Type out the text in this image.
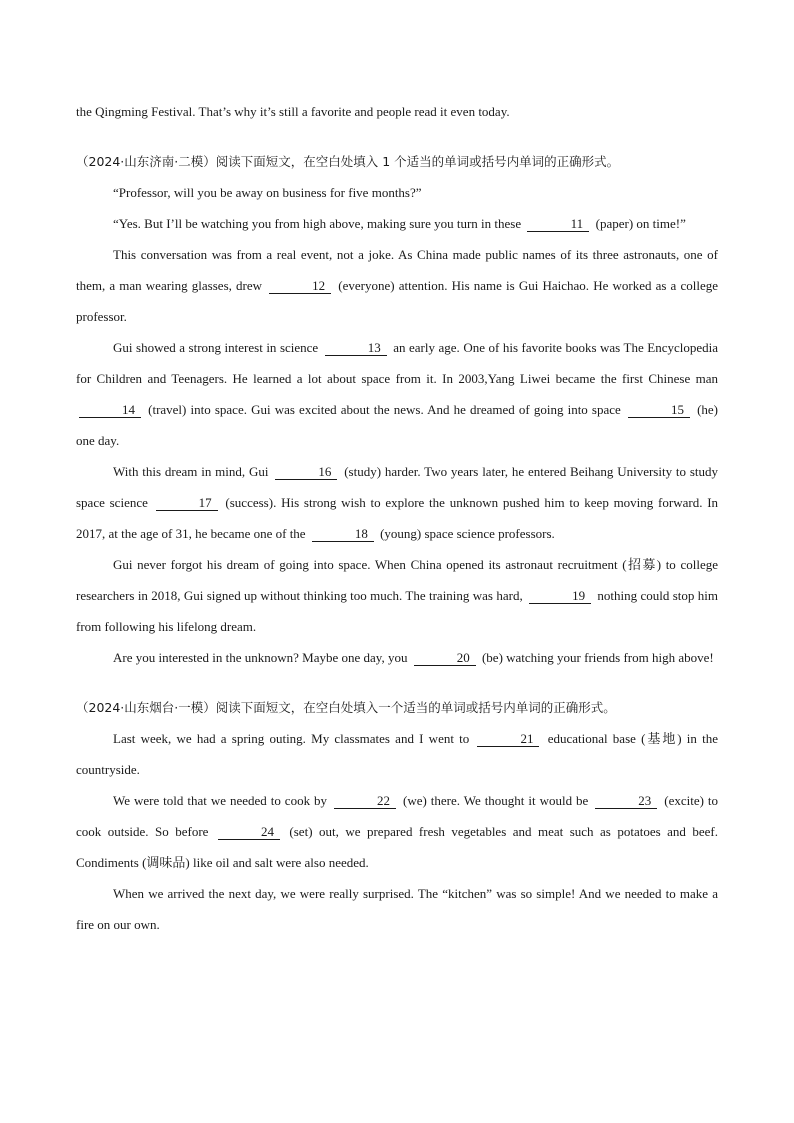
the Qingming Festival. That’s why it’s still a favorite and people read it even today.
（2024·山东济南·二模）阅读下面短文，在空白处填入 1 个适当的单词或括号内单词的正确形式。
“Professor, will you be away on business for five months?”
“Yes. But I’ll be watching you from high above, making sure you turn in these	11 (paper) on time!”
This conversation was from a real event, not a joke. As China made public names of its three astronauts, one of them, a man wearing glasses, drew	12 (everyone) attention. His name is Gui Haichao. He worked as a college professor.
Gui showed a strong interest in science	13 an early age. One of his favorite books was The Encyclopedia for Children and Teenagers. He learned a lot about space from it. In 2003,Yang Liwei became the first Chinese man 14 (travel) into space. Gui was excited about the news. And he dreamed of going into space	15 (he) one day.
With this dream in mind, Gui	16 (study) harder. Two years later, he entered Beihang University to study space science	17 (success). His strong wish to explore the unknown pushed him to keep moving forward. In 2017, at the age of 31, he became one of the	18 (young) space science professors.
Gui never forgot his dream of going into space. When China opened its astronaut recruitment (招募) to college researchers in 2018, Gui signed up without thinking too much. The training was hard,	19 nothing could stop him from following his lifelong dream.
Are you interested in the unknown? Maybe one day, you	20 (be) watching your friends from high above!
（2024·山东烟台·一模）阅读下面短文，在空白处填入一个适当的单词或括号内单词的正确形式。
Last week, we had a spring outing. My classmates and I went to	21 educational base (基地) in the countryside.
We were told that we needed to cook by	22 (we) there. We thought it would be	23 (excite) to cook outside. So before	24 (set) out, we prepared fresh vegetables and meat such as potatoes and beef. Condiments (调味品) like oil and salt were also needed.
When we arrived the next day, we were really surprised. The “kitchen” was so simple! And we needed to make a fire on our own.
